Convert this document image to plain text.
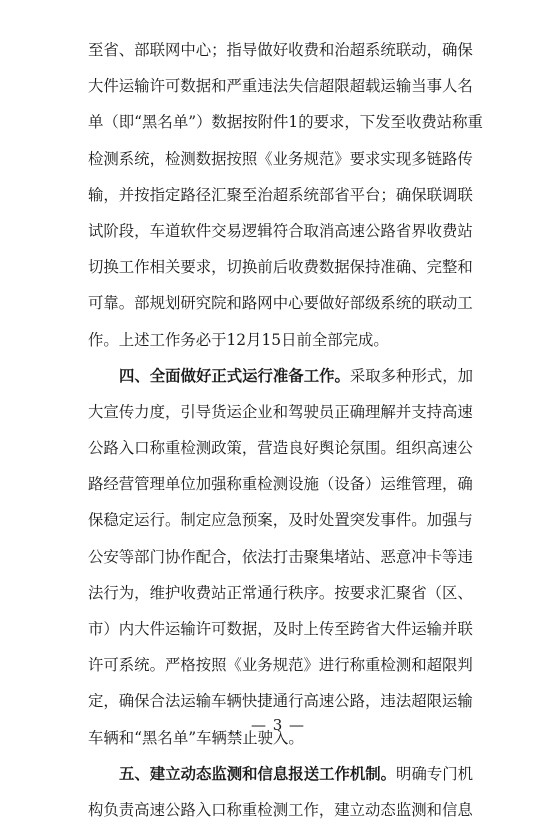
至省、部联网中心；指导做好收费和治超系统联动，确保
大件运输许可数据和严重违法失信超限超载运输当事人名
单（即“黑名单”）数据按附件1的要求，下发至收费站称重
检测系统，检测数据按照《业务规范》要求实现多链路传
输，并按指定路径汇聚至治超系统部省平台；确保联调联
试阶段，车道软件交易逻辑符合取消高速公路省界收费站
切换工作相关要求，切换前后收费数据保持准确、完整和
可靠。部规划研究院和路网中心要做好部级系统的联动工
作。上述工作务必于12月15日前全部完成。
四、全面做好正式运行准备工作。采取多种形式，加
大宣传力度，引导货运企业和驾驶员正确理解并支持高速
公路入口称重检测政策，营造良好舆论氛围。组织高速公
路经营管理单位加强称重检测设施（设备）运维管理，确
保稳定运行。制定应急预案，及时处置突发事件。加强与
公安等部门协作配合，依法打击聚集堵站、恶意冲卡等违
法行为，维护收费站正常通行秩序。按要求汇聚省（区、
市）内大件运输许可数据，及时上传至跨省大件运输并联
许可系统。严格按照《业务规范》进行称重检测和超限判
定，确保合法运输车辆快捷通行高速公路，违法超限运输
车辆和“黑名单”车辆禁止驶入。
五、建立动态监测和信息报送工作机制。明确专门机
构负责高速公路入口称重检测工作，建立动态监测和信息
— 3 —
